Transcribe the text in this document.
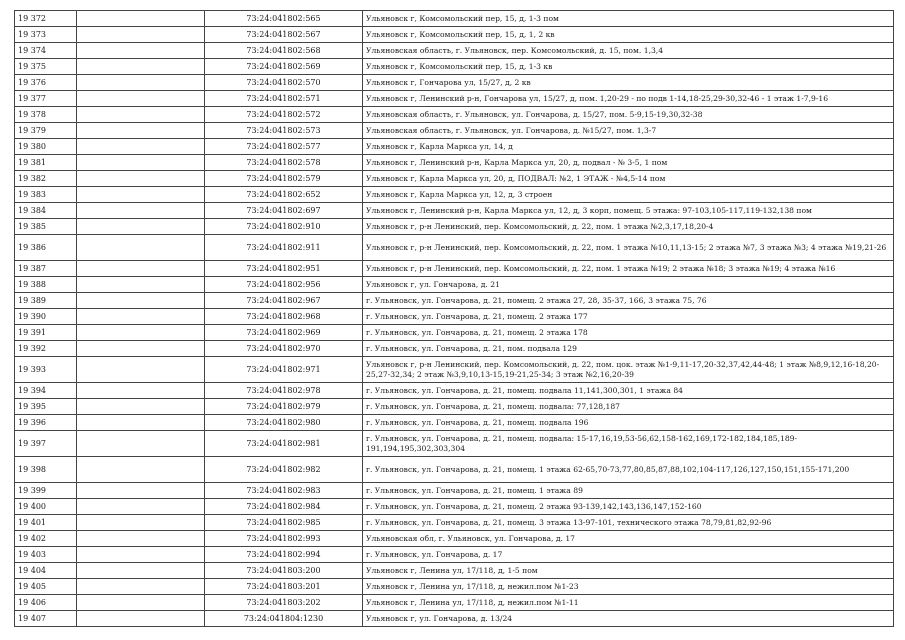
19 372		73:24:041802:565	Ульяновск г, Комсомольский пер, 15, д, 1-3 пом
19 373		73:24:041802:567	Ульяновск г, Комсомольский пер, 15, д, 1, 2 кв
19 374		73:24:041802:568	Ульяновская область, г. Ульяновск, пер. Комсомольский, д. 15, пом. 1,3,4
19 375		73:24:041802:569	Ульяновск г, Комсомольский пер, 15, д, 1-3 кв
19 376		73:24:041802:570	Ульяновск г, Гончарова ул, 15/27, д, 2 кв
19 377		73:24:041802:571	Ульяновск г, Ленинский р-н, Гончарова ул, 15/27, д, пом. 1,20-29 - по подв 1-14,18-25,29-30,32-46 - 1 этаж 1-7,9-16
19 378		73:24:041802:572	Ульяновская область, г. Ульяновск, ул. Гончарова, д. 15/27, пом. 5-9,15-19,30,32-38
19 379		73:24:041802:573	Ульяновская область, г. Ульяновск, ул. Гончарова, д. №15/27, пом. 1,3-7
19 380		73:24:041802:577	Ульяновск г, Карла Маркса ул, 14, д
19 381		73:24:041802:578	Ульяновск г, Ленинский р-н, Карла Маркса ул, 20, д, подвал - № 3-5, 1 пом
19 382		73:24:041802:579	Ульяновск г, Карла Маркса ул, 20, д, ПОДВАЛ: №2, 1 ЭТАЖ - №4,5-14 пом
19 383		73:24:041802:652	Ульяновск г, Карла Маркса ул, 12, д, 3 строен
19 384		73:24:041802:697	Ульяновск г, Ленинский р-н, Карла Маркса ул, 12, д, 3 корп, помещ. 5 этажа: 97-103,105-117,119-132,138 пом
19 385		73:24:041802:910	Ульяновск г, р-н Ленинский, пер. Комсомольский, д. 22, пом. 1 этажа №2,3,17,18,20-4
19 386		73:24:041802:911	Ульяновск г, р-н Ленинский, пер. Комсомольский, д. 22, пом. 1 этажа №10,11,13-15; 2 этажа №7, 3 этажа №3; 4 этажа №19,21-26
19 387		73:24:041802:951	Ульяновск г, р-н Ленинский, пер. Комсомольский, д. 22, пом. 1 этажа №19; 2 этажа №18; 3 этажа №19; 4 этажа №16
19 388		73:24:041802:956	Ульяновск г, ул. Гончарова, д. 21
19 389		73:24:041802:967	г. Ульяновск, ул. Гончарова, д. 21, помещ. 2 этажа 27, 28, 35-37, 166, 3 этажа 75, 76
19 390		73:24:041802:968	г. Ульяновск, ул. Гончарова, д. 21, помещ. 2 этажа 177
19 391		73:24:041802:969	г. Ульяновск, ул. Гончарова, д. 21, помещ. 2 этажа 178
19 392		73:24:041802:970	г. Ульяновск, ул. Гончарова, д. 21, пом. подвала 129
19 393		73:24:041802:971	Ульяновск г, р-н Ленинский, пер. Комсомольский, д. 22, пом. цок. этаж №1-9,11-17,20-32,37,42,44-48; 1 этаж №8,9,12,16-18,20-25,27-32,34; 2 этаж №3,9,10,13-15,19-21,25-34; 3 этаж №2,16,20-39
19 394		73:24:041802:978	г. Ульяновск, ул. Гончарова, д. 21, помещ. подвала 11,141,300,301, 1 этажа 84
19 395		73:24:041802:979	г. Ульяновск, ул. Гончарова, д. 21, помещ. подвала: 77,128,187
19 396		73:24:041802:980	г. Ульяновск, ул. Гончарова, д. 21, помещ. подвала 196
19 397		73:24:041802:981	г. Ульяновск, ул. Гончарова, д. 21, помещ. подвала: 15-17,16,19,53-56,62,158-162,169,172-182,184,185,189-191,194,195,302,303,304
19 398		73:24:041802:982	г. Ульяновск, ул. Гончарова, д. 21, помещ. 1 этажа 62-65,70-73,77,80,85,87,88,102,104-117,126,127,150,151,155-171,200
19 399		73:24:041802:983	г. Ульяновск, ул. Гончарова, д. 21, помещ. 1 этажа 89
19 400		73:24:041802:984	г. Ульяновск, ул. Гончарова, д. 21, помещ. 2 этажа 93-139,142,143,136,147,152-160
19 401		73:24:041802:985	г. Ульяновск, ул. Гончарова, д. 21, помещ. 3 этажа 13-97-101, технического этажа 78,79,81,82,92-96
19 402		73:24:041802:993	Ульяновская обл, г. Ульяновск, ул. Гончарова, д. 17
19 403		73:24:041802:994	г. Ульяновск, ул. Гончарова, д. 17
19 404		73:24:041803:200	Ульяновск г, Ленина ул, 17/118, д, 1-5 пом
19 405		73:24:041803:201	Ульяновск г, Ленина ул, 17/118, д, нежил.пом №1-23
19 406		73:24:041803:202	Ульяновск г, Ленина ул, 17/118, д, нежил.пом №1-11
19 407		73:24:041804:1230	Ульяновск г, ул. Гончарова, д. 13/24
